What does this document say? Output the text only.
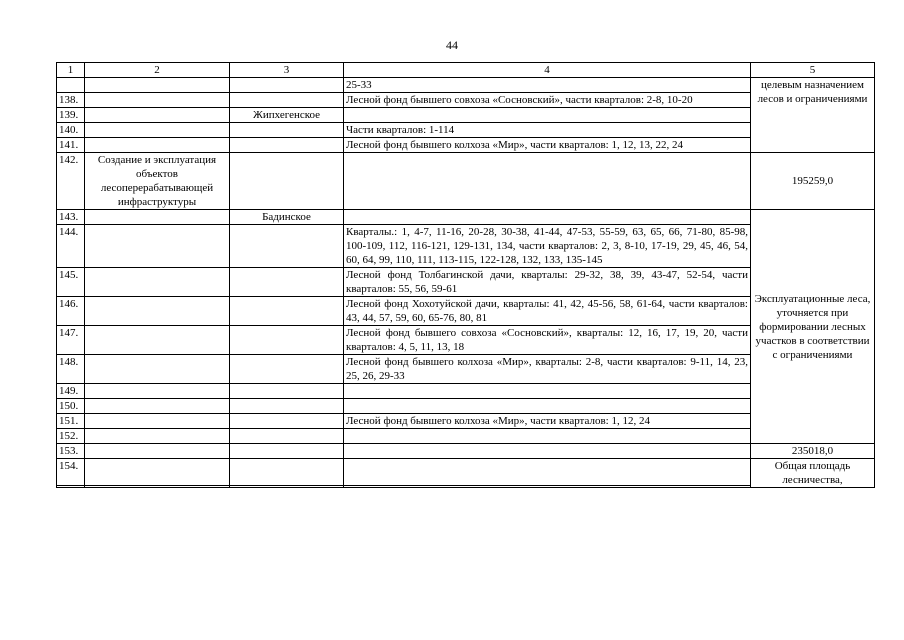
44
1	2	3	4	5
			25-33	целевым назначением лесов и ограничениями
138.			Лесной фонд бывшего совхоза «Сосновский», части кварталов: 2-8, 10-20	
139.		Жипхегенское		
140.			Части кварталов: 1-114	
141.			Лесной фонд бывшего колхоза «Мир», части кварталов: 1, 12, 13, 22, 24	
142.	Создание и эксплуатация объектов лесоперерабатывающей инфраструктуры			195259,0
143.		Бадинское		Эксплуатационные леса, уточняется при формировании лесных участков в соответствии с ограничениями
144.			Кварталы.: 1, 4-7, 11-16, 20-28, 30-38, 41-44, 47-53, 55-59, 63, 65, 66, 71-80, 85-98, 100-109, 112, 116-121, 129-131, 134, части кварталов: 2, 3, 8-10, 17-19, 29, 45, 46, 54, 60, 64, 99, 110, 111, 113-115, 122-128, 132, 133, 135-145	
145.			Лесной фонд Толбагинской дачи, кварталы: 29-32, 38, 39, 43-47, 52-54, части кварталов: 55, 56, 59-61	
146.			Лесной фонд Хохотуйской дачи, кварталы: 41, 42, 45-56, 58, 61-64, части кварталов: 43, 44, 57, 59, 60, 65-76, 80, 81	
147.			Лесной фонд бывшего совхоза «Сосновский», кварталы: 12, 16, 17, 19, 20, части кварталов: 4, 5, 11, 13, 18	
148.			Лесной фонд бывшего колхоза «Мир», кварталы: 2-8, части кварталов: 9-11, 14, 23, 25, 26, 29-33	
149.				
150.				
151.			Лесной фонд бывшего колхоза «Мир», части кварталов: 1, 12, 24	
152.				
153.				235018,0
154.				Общая площадь лесничества,
